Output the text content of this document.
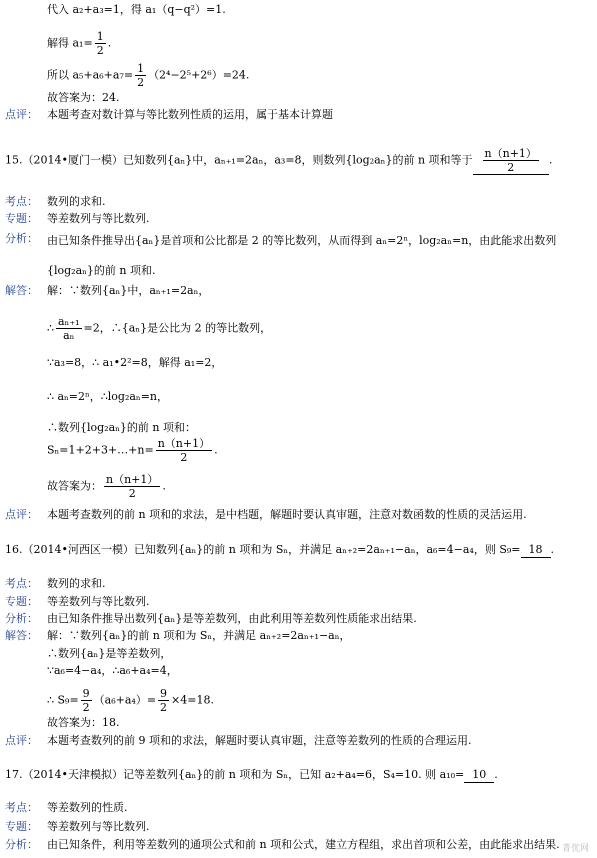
代入 a₂+a₃=1，得 a₁（q−q²）=1.
解得 $a_1= \frac{1}{2}$ .
所以 $a_5+a_6+a_7= \frac{1}{2} (2^4-2^5+2^6)=24$.
故答案为：24.
点评： 本题考查对数计算与等比数列性质的运用，属于基本计算题
15.（2014•厦门一模）已知数列{aₙ}中，aₙ₊₁=2aₙ，a₃=8，则数列{log₂aₙ}的前 n 项和等于 $\frac{n(n+1)}{2}$ .
考点： 数列的求和.
专题： 等差数列与等比数列.
分析： 由已知条件推导出{aₙ}是首项和公比都是 2 的等比数列，从而得到 aₙ=2ⁿ，log₂aₙ=n，由此能求出数列
{log₂aₙ}的前 n 项和.
解答： 解：∵数列{aₙ}中，aₙ₊₁=2aₙ，
∴ $\frac{\text{aₙ₊₁}}{\text{aₙ}} =2$，∴{aₙ}是公比为 2 的等比数列，
∵a₃=8，∴ a₁•2²=8，解得 a₁=2，
∴ aₙ=2ⁿ，∴log₂aₙ=n，
∴数列{log₂aₙ}的前 n 项和：
Sₙ=1+2+3+…+n= $\frac{n(n+1)}{2}$ .
故答案为： $\frac{n(n+1)}{2}$ .
点评： 本题考查数列的前 n 项和的求法，是中档题，解题时要认真审题，注意对数函数的性质的灵活运用.
16.（2014•河西区一模）已知数列{aₙ}的前 n 项和为 Sₙ，并满足 aₙ₊₂=2aₙ₊₁−aₙ，a₆=4−a₄，则 S₉= 18 .
考点： 数列的求和.
专题： 等差数列与等比数列.
分析： 由已知条件推导出数列{aₙ}是等差数列，由此利用等差数列性质能求出结果.
解答： 解：∵数列{aₙ}的前 n 项和为 Sₙ，并满足 aₙ₊₂=2aₙ₊₁−aₙ，
∴数列{aₙ}是等差数列，
∵a₆=4−a₄，∴a₆+a₄=4，
∴ $S_9= \frac{9}{2} (a_6+a_4)= \frac{9}{2} \times 4=18$.
故答案为：18.
点评： 本题考查数列的前 9 项和的求法，解题时要认真审题，注意等差数列的性质的合理运用.
17.（2014•天津模拟）记等差数列{aₙ}的前 n 项和为 Sₙ，已知 a₂+a₄=6，S₄=10. 则 a₁₀= 10 .
考点： 等差数列的性质.
专题： 等差数列与等比数列.
分析： 由已知条件，利用等差数列的通项公式和前 n 项和公式，建立方程组，求出首项和公差，由此能求出结果. 菁优网
